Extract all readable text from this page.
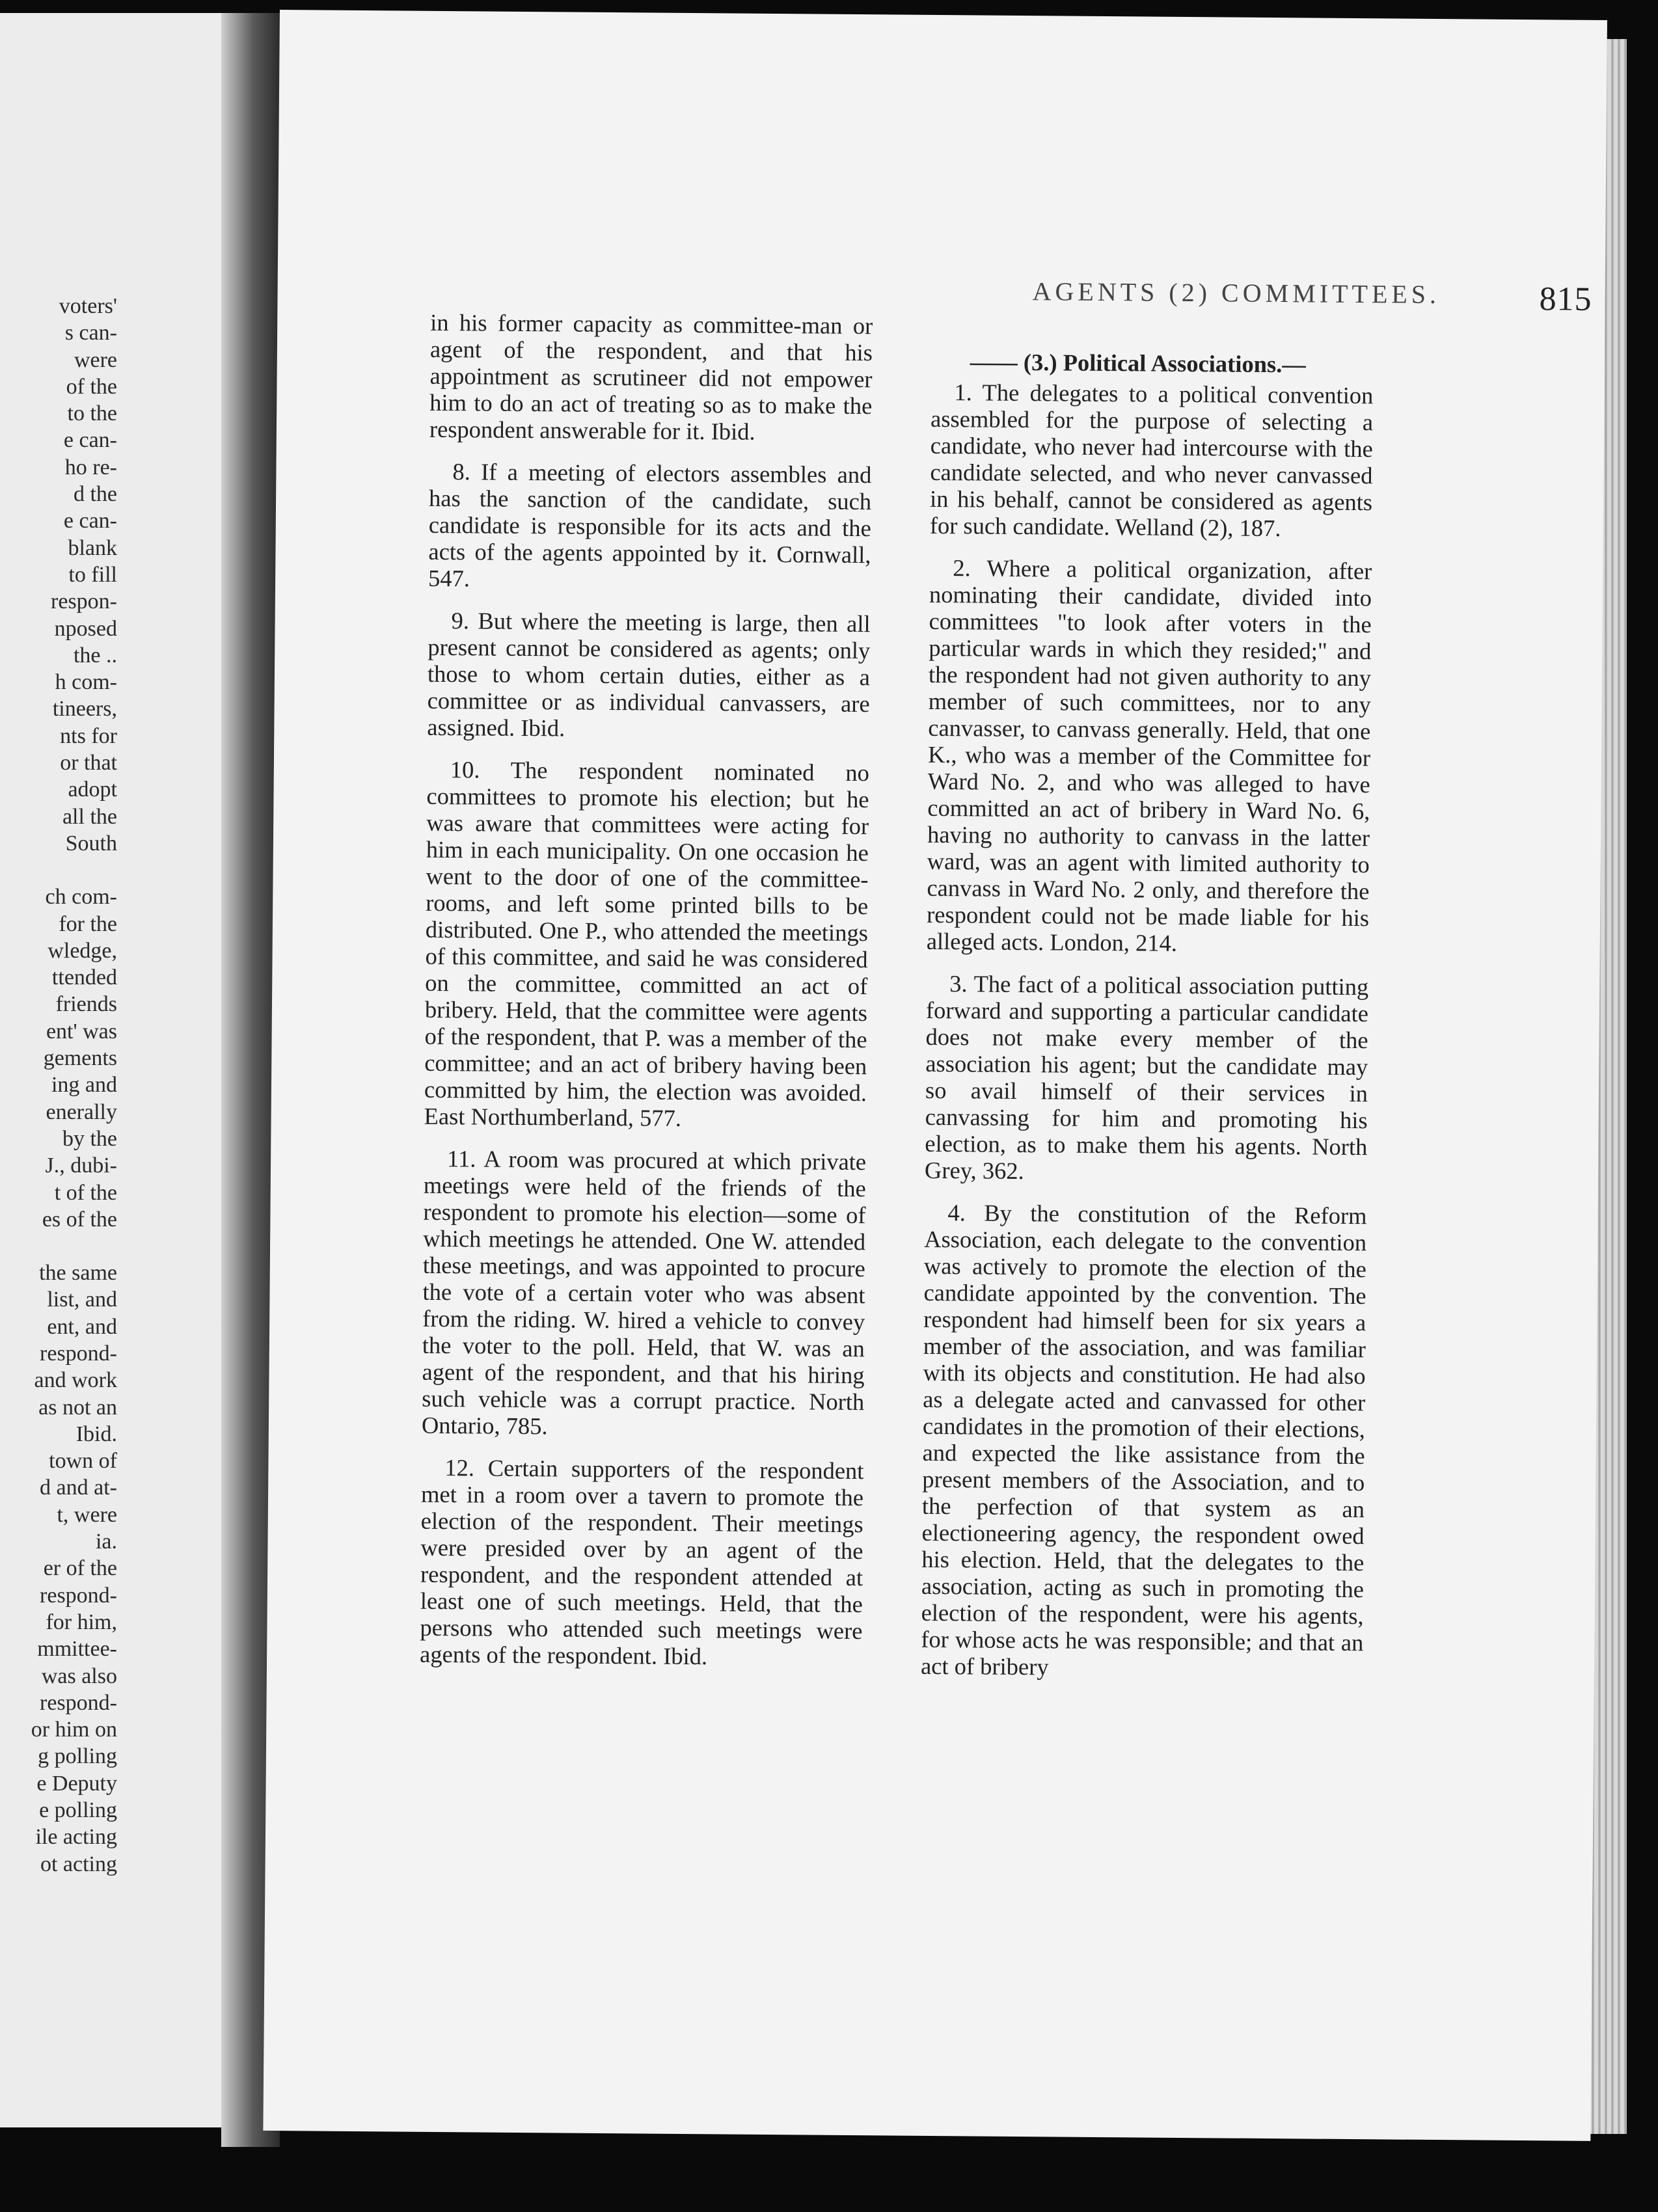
voters'
s can-
were
of the
to the
e can-
ho re-
d the
e can-
blank
to fill
respon-
nposed
the ..
h com-
tineers,
nts for
or that
adopt
all the
South
ch com-
for the
wledge,
ttended
friends
ent' was
gements
ing and
enerally
by the
J., dubi-
t of the
es of the
the same
list, and
ent, and
respond-
and work
as not an
Ibid.
town of
d and at-
t, were
ia.
er of the
respond-
for him,
mmittee-
was also
respond-
or him on
g polling
e Deputy
e polling
ile acting
ot acting
AGENTS (2) COMMITTEES.	815

in his former capacity as committee-man or agent of the respondent, and that his appointment as scrutineer did not empower him to do an act of treating so as to make the respondent answerable for it. Ibid.

8. If a meeting of electors assembles and has the sanction of the candidate, such candidate is responsible for its acts and the acts of the agents appointed by it. Cornwall, 547.

9. But where the meeting is large, then all present cannot be considered as agents; only those to whom certain duties, either as a committee or as individual canvassers, are assigned. Ibid.

10. The respondent nominated no committees to promote his election; but he was aware that committees were acting for him in each municipality. On one occasion he went to the door of one of the committee-rooms, and left some printed bills to be distributed. One P., who attended the meetings of this committee, and said he was considered on the committee, committed an act of bribery. Held, that the committee were agents of the respondent, that P. was a member of the committee; and an act of bribery having been committed by him, the election was avoided. East Northumberland, 577.

11. A room was procured at which private meetings were held of the friends of the respondent to promote his election—some of which meetings he attended. One W. attended these meetings, and was appointed to procure the vote of a certain voter who was absent from the riding. W. hired a vehicle to convey the voter to the poll. Held, that W. was an agent of the respondent, and that his hiring such vehicle was a corrupt practice. North Ontario, 785.

12. Certain supporters of the respondent met in a room over a tavern to promote the election of the respondent. Their meetings were presided over by an agent of the respondent, and the respondent attended at least one of such meetings. Held, that the persons who attended such meetings were agents of the respondent. Ibid.

—— (3.) Political Associations.—

1. The delegates to a political convention assembled for the purpose of selecting a candidate, who never had intercourse with the candidate selected, and who never canvassed in his behalf, cannot be considered as agents for such candidate. Welland (2), 187.

2. Where a political organization, after nominating their candidate, divided into committees "to look after voters in the particular wards in which they resided;" and the respondent had not given authority to any member of such committees, nor to any canvasser, to canvass generally. Held, that one K., who was a member of the Committee for Ward No. 2, and who was alleged to have committed an act of bribery in Ward No. 6, having no authority to canvass in the latter ward, was an agent with limited authority to canvass in Ward No. 2 only, and therefore the respondent could not be made liable for his alleged acts. London, 214.

3. The fact of a political association putting forward and supporting a particular candidate does not make every member of the association his agent; but the candidate may so avail himself of their services in canvassing for him and promoting his election, as to make them his agents. North Grey, 362.

4. By the constitution of the Reform Association, each delegate to the convention was actively to promote the election of the candidate appointed by the convention. The respondent had himself been for six years a member of the association, and was familiar with its objects and constitution. He had also as a delegate acted and canvassed for other candidates in the promotion of their elections, and expected the like assistance from the present members of the Association, and to the perfection of that system as an electioneering agency, the respondent owed his election. Held, that the delegates to the association, acting as such in promoting the election of the respondent, were his agents, for whose acts he was responsible; and that an act of bribery
